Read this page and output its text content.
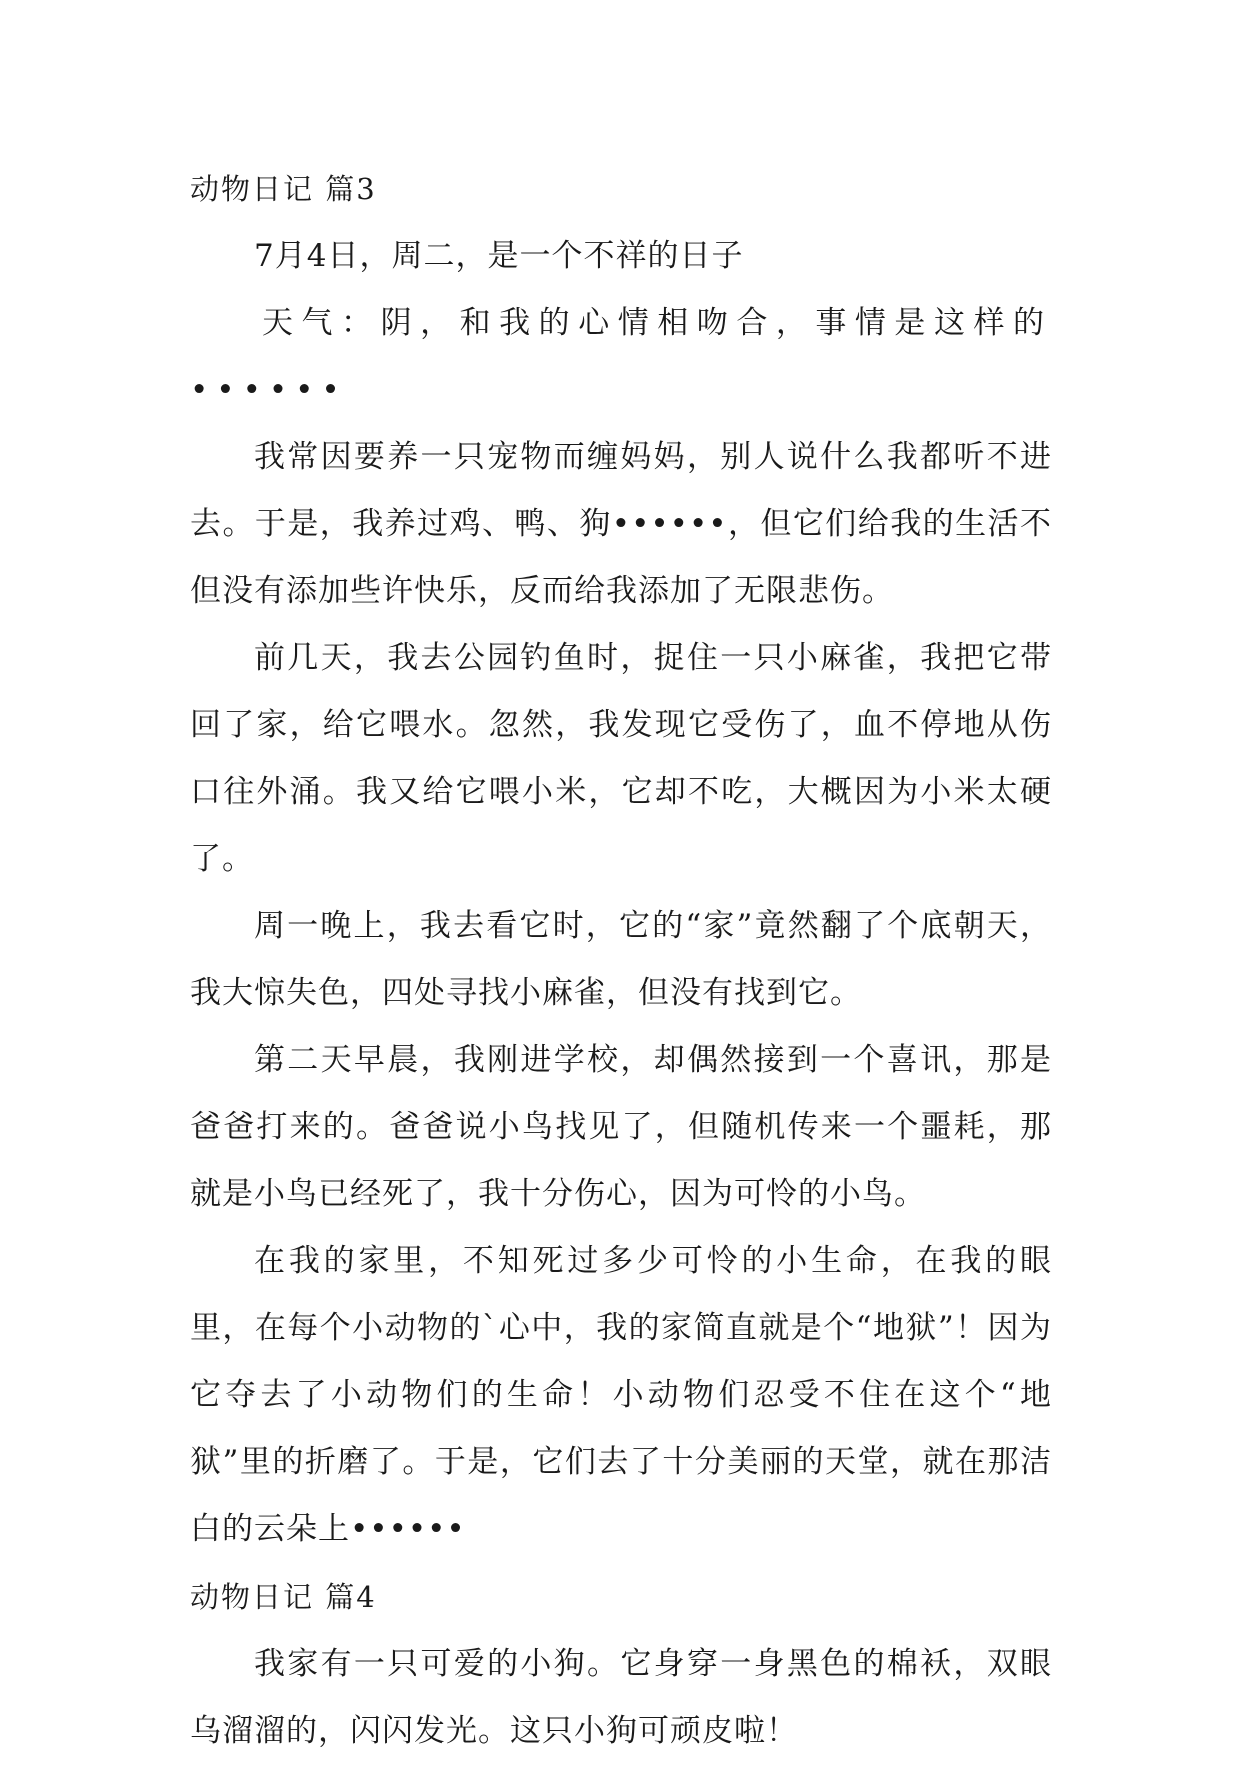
动物日记 篇3

7月4日，周二，是一个不祥的日子

天气：阴，和我的心情相吻合，事情是这样的••••••

我常因要养一只宠物而缠妈妈，别人说什么我都听不进去。于是，我养过鸡、鸭、狗••••••，但它们给我的生活不但没有添加些许快乐，反而给我添加了无限悲伤。

前几天，我去公园钓鱼时，捉住一只小麻雀，我把它带回了家，给它喂水。忽然，我发现它受伤了，血不停地从伤口往外涌。我又给它喂小米，它却不吃，大概因为小米太硬了。

周一晚上，我去看它时，它的“家”竟然翻了个底朝天，我大惊失色，四处寻找小麻雀，但没有找到它。

第二天早晨，我刚进学校，却偶然接到一个喜讯，那是爸爸打来的。爸爸说小鸟找见了，但随机传来一个噩耗，那就是小鸟已经死了，我十分伤心，因为可怜的小鸟。

在我的家里，不知死过多少可怜的小生命，在我的眼里，在每个小动物的`心中，我的家简直就是个“地狱”！因为它夺去了小动物们的生命！小动物们忍受不住在这个“地狱”里的折磨了。于是，它们去了十分美丽的天堂，就在那洁白的云朵上••••••

动物日记 篇4

我家有一只可爱的小狗。它身穿一身黑色的棉袄，双眼乌溜溜的，闪闪发光。这只小狗可顽皮啦！
